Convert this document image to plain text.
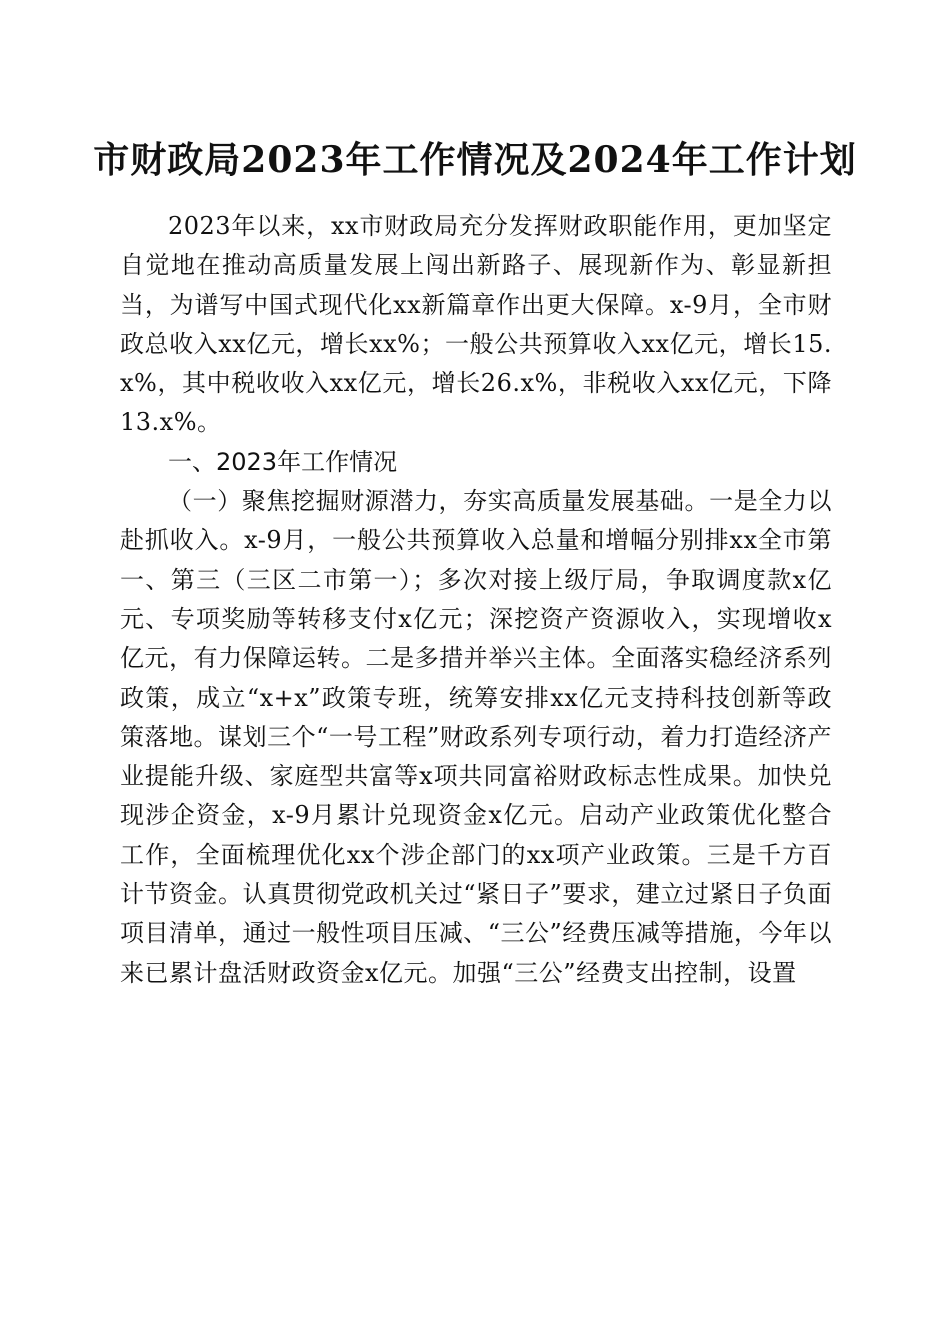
市财政局2023年工作情况及2024年工作计划

2023年以来，xx市财政局充分发挥财政职能作用，更加坚定自觉地在推动高质量发展上闯出新路子、展现新作为、彰显新担当，为谱写中国式现代化xx新篇章作出更大保障。x-9月，全市财政总收入xx亿元，增长xx%；一般公共预算收入xx亿元，增长15.x%，其中税收收入xx亿元，增长26.x%，非税收入xx亿元，下降13.x%。

一、2023年工作情况

（一）聚焦挖掘财源潜力，夯实高质量发展基础。一是全力以赴抓收入。x-9月，一般公共预算收入总量和增幅分别排xx全市第一、第三（三区二市第一）；多次对接上级厅局，争取调度款x亿元、专项奖励等转移支付x亿元；深挖资产资源收入，实现增收x亿元，有力保障运转。二是多措并举兴主体。全面落实稳经济系列政策，成立“x+x”政策专班，统筹安排xx亿元支持科技创新等政策落地。谋划三个“一号工程”财政系列专项行动，着力打造经济产业提能升级、家庭型共富等x项共同富裕财政标志性成果。加快兑现涉企资金，x-9月累计兑现资金x亿元。启动产业政策优化整合工作，全面梳理优化xx个涉企部门的xx项产业政策。三是千方百计节资金。认真贯彻党政机关过“紧日子”要求，建立过紧日子负面项目清单，通过一般性项目压减、“三公”经费压减等措施，今年以来已累计盘活财政资金x亿元。加强“三公”经费支出控制，设置
